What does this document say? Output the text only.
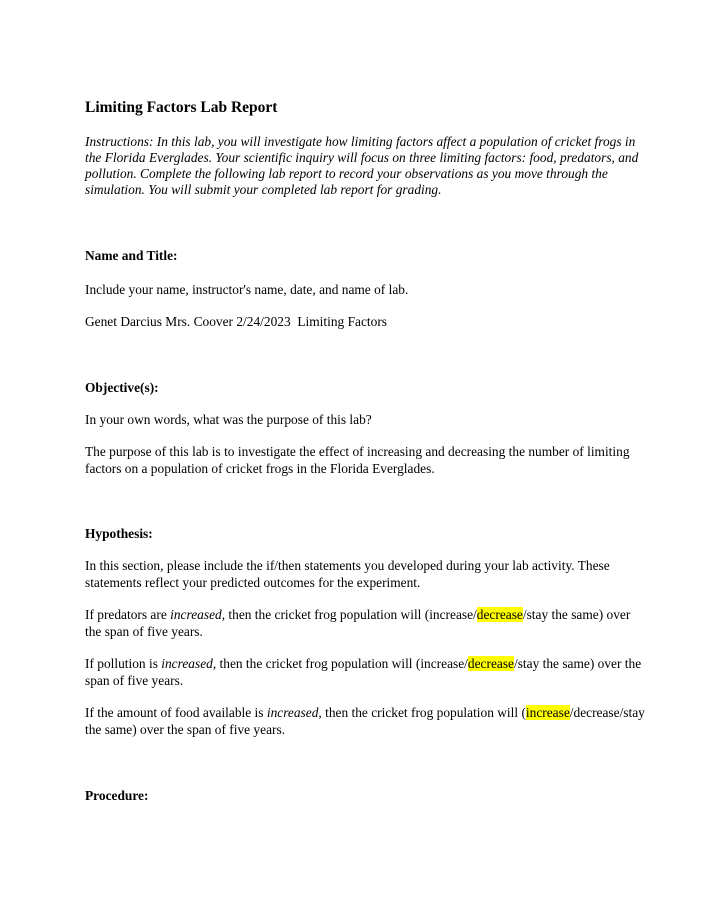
Limiting Factors Lab Report
Instructions: In this lab, you will investigate how limiting factors affect a population of cricket frogs in the Florida Everglades. Your scientific inquiry will focus on three limiting factors: food, predators, and pollution. Complete the following lab report to record your observations as you move through the simulation. You will submit your completed lab report for grading.
Name and Title:
Include your name, instructor's name, date, and name of lab.
Genet Darcius Mrs. Coover 2/24/2023  Limiting Factors
Objective(s):
In your own words, what was the purpose of this lab?
The purpose of this lab is to investigate the effect of increasing and decreasing the number of limiting factors on a population of cricket frogs in the Florida Everglades.
Hypothesis:
In this section, please include the if/then statements you developed during your lab activity. These statements reflect your predicted outcomes for the experiment.
If predators are increased, then the cricket frog population will (increase/decrease/stay the same) over the span of five years.
If pollution is increased, then the cricket frog population will (increase/decrease/stay the same) over the span of five years.
If the amount of food available is increased, then the cricket frog population will (increase/decrease/stay the same) over the span of five years.
Procedure:
